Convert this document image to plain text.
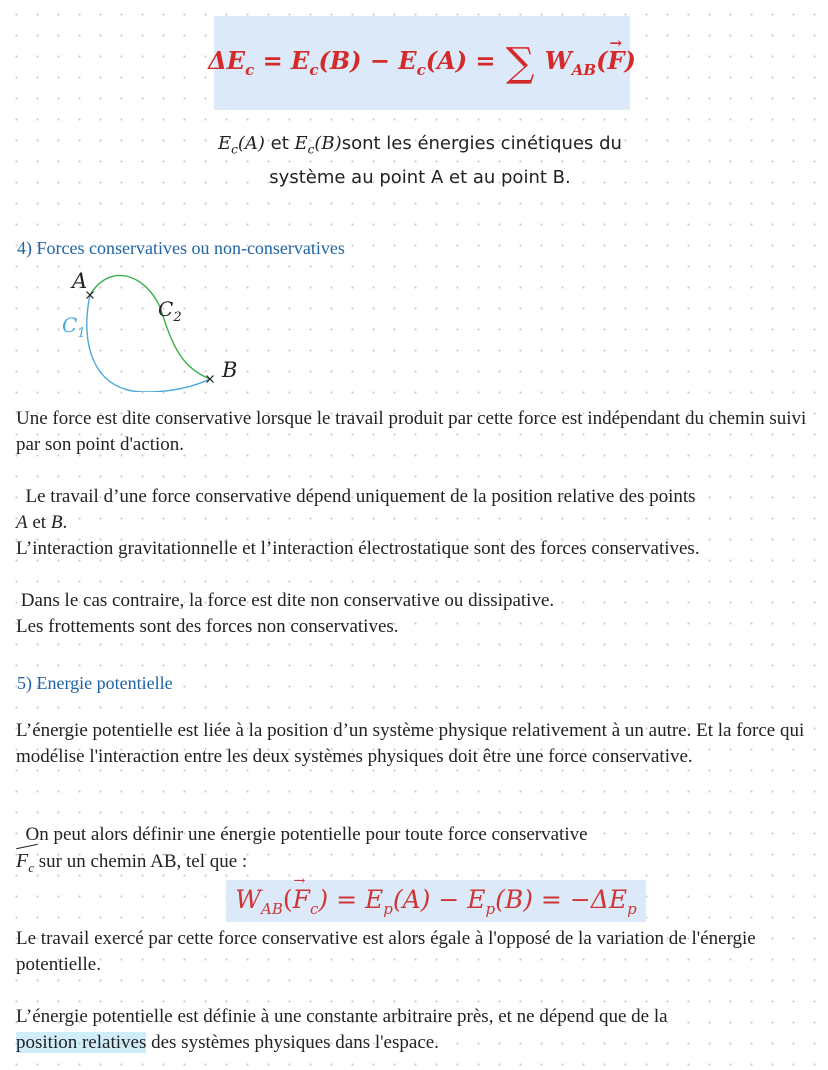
$\Delta E_c = E_c(B) - E_c(A)$ = ∑ $W_{AB}(\to F)$
$E_c(A)$ et $E_c(B)sont$ les énergies cinétiques du
système au point A et au point B.
4) Forces conservatives ou non-conservatives
A
B
$C_1$
$C_2$
Une force est dite conservative lorsque le travail produit par cette force est indépendant du chemin suivi par son point d'action.
Le travail d’une force conservative dépend uniquement de la position relative des points
A et B.
L’interaction gravitationnelle et l’interaction électrostatique sont des forces conservatives.
Dans le cas contraire, la force est dite non conservative ou dissipative.
Les frottements sont des forces non conservatives.
5) Energie potentielle
L’énergie potentielle est liée à la position d’un système physique relativement à un autre. Et la force qui modélise l'interaction entre les deux systèmes physiques doit être une force conservative.
On peut alors définir une énergie potentielle pour toute force conservative
$F_c$ sur un chemin AB, tel que :
$W_{AB}(\to F_c) = E_p(A) - E_p(B) = -\Delta E_p$
Le travail exercé par cette force conservative est alors égale à l'opposé de la variation de l'énergie potentielle.
L’énergie potentielle est définie à une constante arbitraire près, et ne dépend que de la
position relatives des systèmes physiques dans l'espace.
